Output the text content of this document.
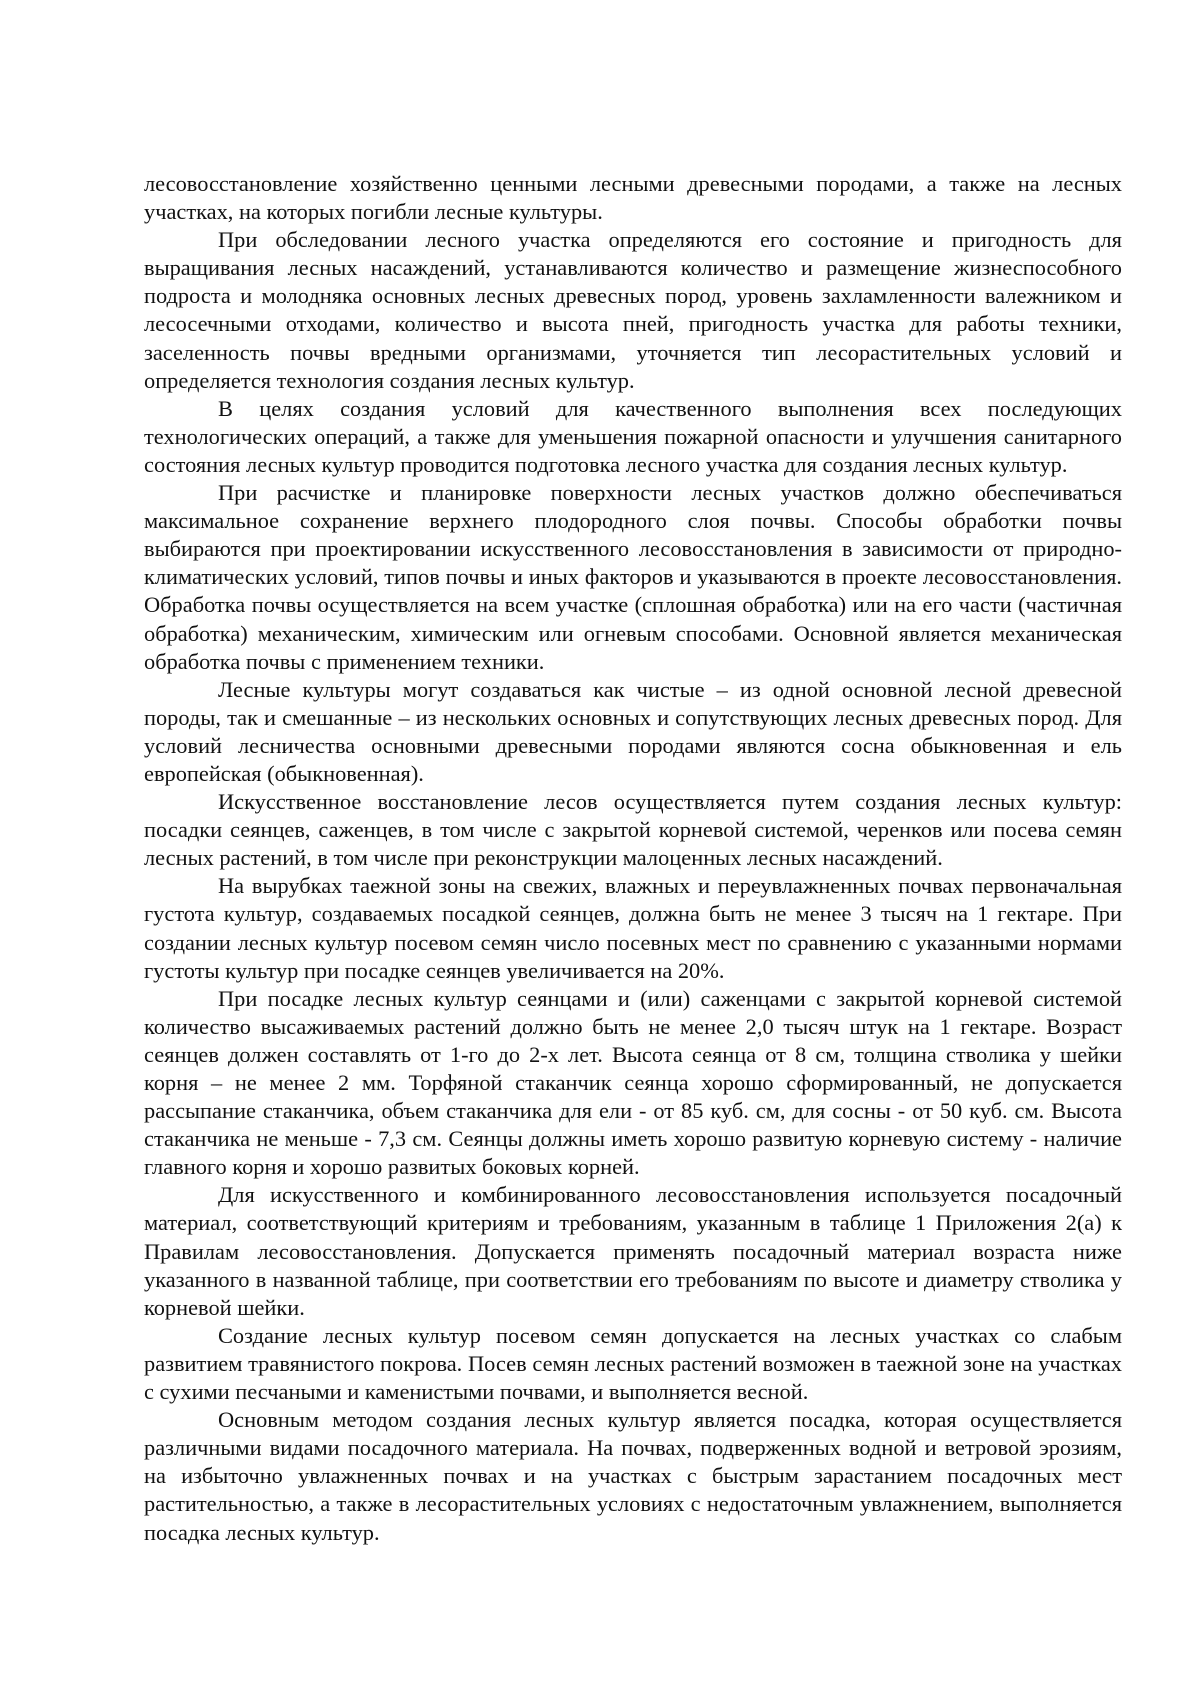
лесовосстановление хозяйственно ценными лесными древесными породами, а также на лесных участках, на которых погибли лесные культуры.

При обследовании лесного участка определяются его состояние и пригодность для выращивания лесных насаждений, устанавливаются количество и размещение жизнеспособного подроста и молодняка основных лесных древесных пород, уровень захламленности валежником и лесосечными отходами, количество и высота пней, пригодность участка для работы техники, заселенность почвы вредными организмами, уточняется тип лесорастительных условий и определяется технология создания лесных культур.

В целях создания условий для качественного выполнения всех последующих технологических операций, а также для уменьшения пожарной опасности и улучшения санитарного состояния лесных культур проводится подготовка лесного участка для создания лесных культур.

При расчистке и планировке поверхности лесных участков должно обеспечиваться максимальное сохранение верхнего плодородного слоя почвы. Способы обработки почвы выбираются при проектировании искусственного лесовосстановления в зависимости от природно-климатических условий, типов почвы и иных факторов и указываются в проекте лесовосстановления. Обработка почвы осуществляется на всем участке (сплошная обработка) или на его части (частичная обработка) механическим, химическим или огневым способами. Основной является механическая обработка почвы с применением техники.

Лесные культуры могут создаваться как чистые – из одной основной лесной древесной породы, так и смешанные – из нескольких основных и сопутствующих лесных древесных пород. Для условий лесничества основными древесными породами являются сосна обыкновенная и ель европейская (обыкновенная).

Искусственное восстановление лесов осуществляется путем создания лесных культур: посадки сеянцев, саженцев, в том числе с закрытой корневой системой, черенков или посева семян лесных растений, в том числе при реконструкции малоценных лесных насаждений.

На вырубках таежной зоны на свежих, влажных и переувлажненных почвах первоначальная густота культур, создаваемых посадкой сеянцев, должна быть не менее 3 тысяч на 1 гектаре. При создании лесных культур посевом семян число посевных мест по сравнению с указанными нормами густоты культур при посадке сеянцев увеличивается на 20%.

При посадке лесных культур сеянцами и (или) саженцами с закрытой корневой системой количество высаживаемых растений должно быть не менее 2,0 тысяч штук на 1 гектаре. Возраст сеянцев должен составлять от 1-го до 2-х лет. Высота сеянца от 8 см, толщина стволика у шейки корня – не менее 2 мм. Торфяной стаканчик сеянца хорошо сформированный, не допускается рассыпание стаканчика, объем стаканчика для ели - от 85 куб. см, для сосны - от 50 куб. см. Высота стаканчика не меньше - 7,3 см. Сеянцы должны иметь хорошо развитую корневую систему - наличие главного корня и хорошо развитых боковых корней.

Для искусственного и комбинированного лесовосстановления используется посадочный материал, соответствующий критериям и требованиям, указанным в таблице 1 Приложения 2(а) к Правилам лесовосстановления. Допускается применять посадочный материал возраста ниже указанного в названной таблице, при соответствии его требованиям по высоте и диаметру стволика у корневой шейки.

Создание лесных культур посевом семян допускается на лесных участках со слабым развитием травянистого покрова. Посев семян лесных растений возможен в таежной зоне на участках с сухими песчаными и каменистыми почвами, и выполняется весной.

Основным методом создания лесных культур является посадка, которая осуществляется различными видами посадочного материала. На почвах, подверженных водной и ветровой эрозиям, на избыточно увлажненных почвах и на участках с быстрым зарастанием посадочных мест растительностью, а также в лесорастительных условиях с недостаточным увлажнением, выполняется посадка лесных культур.
